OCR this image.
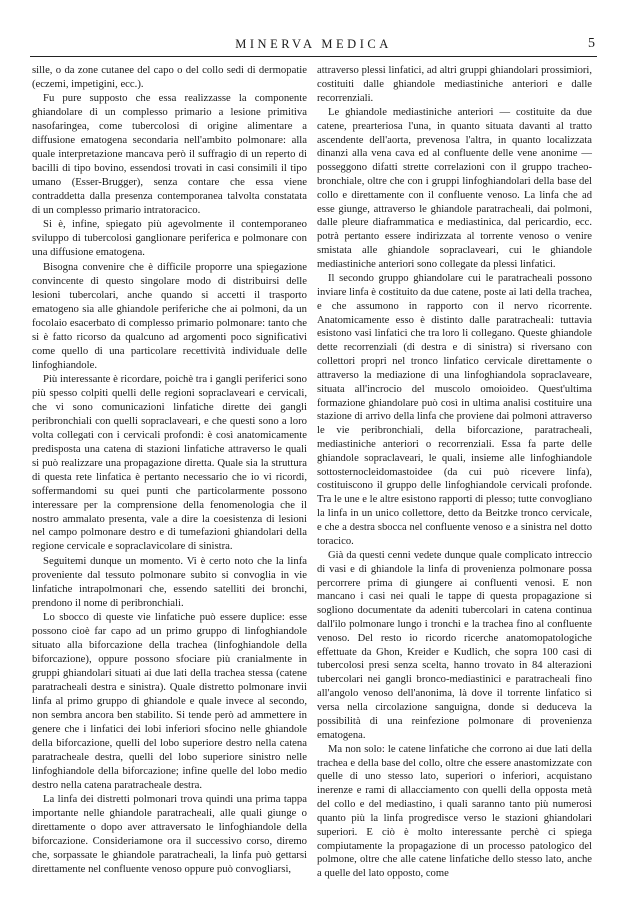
MINERVA MEDICA	5

sille, o da zone cutanee del capo o del collo sedi di dermopatie (eczemi, impetigini, ecc.).

Fu pure supposto che essa realizzasse la componente ghiandolare di un complesso primario a lesione primitiva nasofaringea, come tubercolosi di origine alimentare a diffusione ematogena secondaria nell'ambito polmonare: alla quale interpretazione mancava però il suffragio di un reperto di bacilli di tipo bovino, essendosi trovati in casi consimili il tipo umano (Esser-Brugger), senza contare che essa viene contraddetta dalla presenza contemporanea talvolta constatata di un complesso primario intratoracico.

Si è, infine, spiegato più agevolmente il contemporaneo sviluppo di tubercolosi ganglionare periferica e polmonare con una diffusione ematogena.

Bisogna convenire che è difficile proporre una spiegazione convincente di questo singolare modo di distribuirsi delle lesioni tubercolari, anche quando si accetti il trasporto ematogeno sia alle ghiandole periferiche che ai polmoni, da un focolaio esacerbato di complesso primario polmonare: tanto che si è fatto ricorso da qualcuno ad argomenti poco significativi come quello di una particolare recettività individuale delle linfoghiandole.

Più interessante è ricordare, poichè tra i gangli periferici sono più spesso colpiti quelli delle regioni sopraclaveari e cervicali, che vi sono comunicazioni linfatiche dirette dei gangli peribronchiali con quelli sopraclaveari, e che questi sono a loro volta collegati con i cervicali profondi: è così anatomicamente predisposta una catena di stazioni linfatiche attraverso le quali si può realizzare una propagazione diretta. Quale sia la struttura di questa rete linfatica è pertanto necessario che io vi ricordi, soffermandomi su quei punti che particolarmente possono interessare per la comprensione della fenomenologia che il nostro ammalato presenta, vale a dire la coesistenza di lesioni nel campo polmonare destro e di tumefazioni ghiandolari della regione cervicale e sopraclavicolare di sinistra.

Seguitemi dunque un momento. Vi è certo noto che la linfa proveniente dal tessuto polmonare subito si convoglia in vie linfatiche intrapolmonari che, essendo satelliti dei bronchi, prendono il nome di peribronchiali.

Lo sbocco di queste vie linfatiche può essere duplice: esse possono cioè far capo ad un primo gruppo di linfoghiandole situato alla biforcazione della trachea (linfoghiandole della biforcazione), oppure possono sfociare più cranialmente in gruppi ghiandolari situati ai due lati della trachea stessa (catene paratracheali destra e sinistra). Quale distretto polmonare invii linfa al primo gruppo di ghiandole e quale invece al secondo, non sembra ancora ben stabilito. Si tende però ad ammettere in genere che i linfatici dei lobi inferiori sfocino nelle ghiandole della biforcazione, quelli del lobo superiore destro nella catena paratracheale destra, quelli del lobo superiore sinistro nelle linfoghiandole della biforcazione; infine quelle del lobo medio destro nella catena paratracheale destra.

La linfa dei distretti polmonari trova quindi una prima tappa importante nelle ghiandole paratracheali, alle quali giunge o direttamente o dopo aver attraversato le linfoghiandole della biforcazione. Consideriamone ora il successivo corso, diremo che, sorpassate le ghiandole paratracheali, la linfa può gettarsi direttamente nel confluente venoso oppure può convogliarsi,

attraverso plessi linfatici, ad altri gruppi ghiandolari prossimiori, costituiti dalle ghiandole mediastiniche anteriori e dalle recorrenziali.

Le ghiandole mediastiniche anteriori — costituite da due catene, prearteriosa l'una, in quanto situata davanti al tratto ascendente dell'aorta, prevenosa l'altra, in quanto localizzata dinanzi alla vena cava ed al confluente delle vene anonime — posseggono difatti strette correlazioni con il gruppo tracheo-bronchiale, oltre che con i gruppi linfoghiandolari della base del collo e direttamente con il confluente venoso. La linfa che ad esse giunge, attraverso le ghiandole paratracheali, dai polmoni, dalle pleure diaframmatica e mediastinica, dal pericardio, ecc. potrà pertanto essere indirizzata al torrente venoso o venire smistata alle ghiandole sopraclaveari, cui le ghiandole mediastiniche anteriori sono collegate da plessi linfatici.

Il secondo gruppo ghiandolare cui le paratracheali possono inviare linfa è costituito da due catene, poste ai lati della trachea, e che assumono in rapporto con il nervo ricorrente. Anatomicamente esso è distinto dalle paratracheali: tuttavia esistono vasi linfatici che tra loro li collegano. Queste ghiandole dette recorrenziali (di destra e di sinistra) si riversano con collettori propri nel tronco linfatico cervicale direttamente o attraverso la mediazione di una linfoghiandola sopraclaveare, situata all'incrocio del muscolo omoioideo. Quest'ultima formazione ghiandolare può così in ultima analisi costituire una stazione di arrivo della linfa che proviene dai polmoni attraverso le vie peribronchiali, della biforcazione, paratracheali, mediastiniche anteriori o recorrenziali. Essa fa parte delle ghiandole sopraclaveari, le quali, insieme alle linfoghiandole sottosternocleidomastoidee (da cui può ricevere linfa), costituiscono il gruppo delle linfoghiandole cervicali profonde. Tra le une e le altre esistono rapporti di plesso; tutte convogliano la linfa in un unico collettore, detto da Beitzke tronco cervicale, e che a destra sbocca nel confluente venoso e a sinistra nel dotto toracico.

Già da questi cenni vedete dunque quale complicato intreccio di vasi e di ghiandole la linfa di provenienza polmonare possa percorrere prima di giungere ai confluenti venosi. E non mancano i casi nei quali le tappe di questa propagazione si sogliono documentate da adeniti tubercolari in catena continua dall'ilo polmonare lungo i tronchi e la trachea fino al confluente venoso. Del resto io ricordo ricerche anatomopatologiche effettuate da Ghon, Kreider e Kudlich, che sopra 100 casi di tubercolosi presi senza scelta, hanno trovato in 84 alterazioni tubercolari nei gangli bronco-mediastinici e paratracheali fino all'angolo venoso dell'anonima, là dove il torrente linfatico si versa nella circolazione sanguigna, donde si deduceva la possibilità di una reinfezione polmonare di provenienza ematogena.

Ma non solo: le catene linfatiche che corrono ai due lati della trachea e della base del collo, oltre che essere anastomizzate con quelle di uno stesso lato, superiori o inferiori, acquistano inerenze e rami di allacciamento con quelli della opposta metà del collo e del mediastino, i quali saranno tanto più numerosi quanto più la linfa progredisce verso le stazioni ghiandolari superiori. E ciò è molto interessante perchè ci spiega compiutamente la propagazione di un processo patologico del polmone, oltre che alle catene linfatiche dello stesso lato, anche a quelle del lato opposto, come
